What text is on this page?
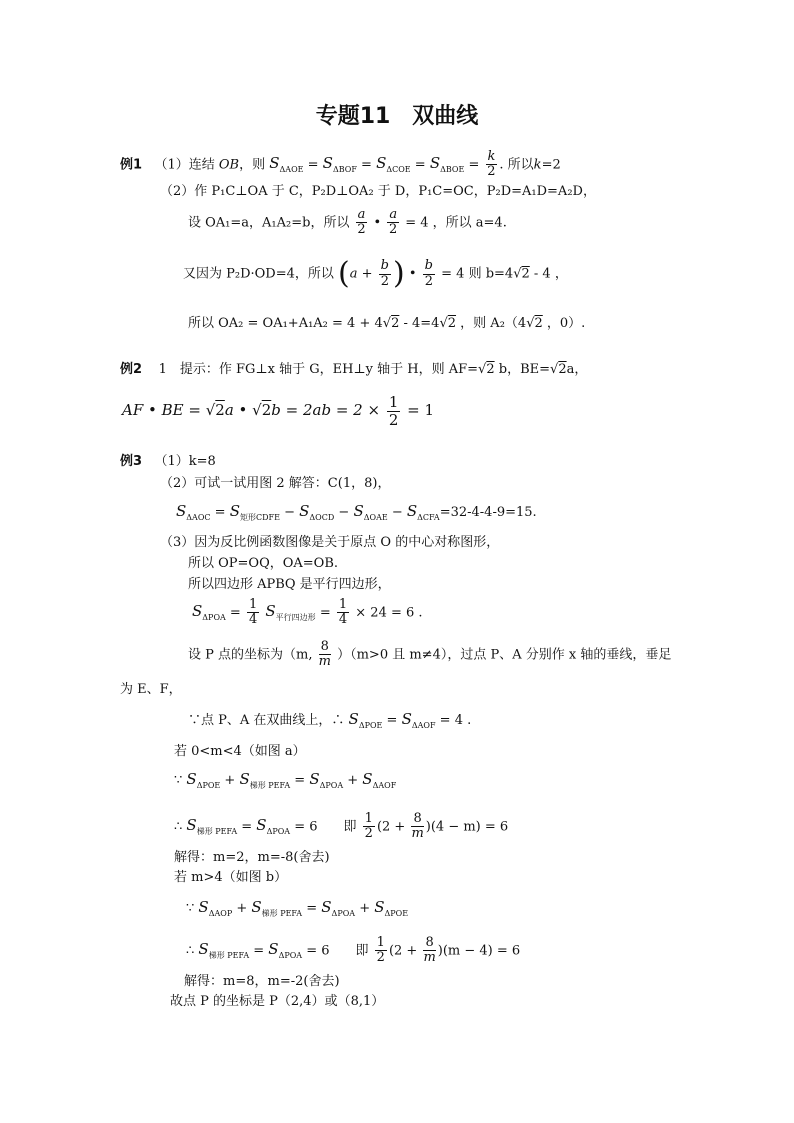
专题11　双曲线
例1 （1）连结 OB，则 $S_{\Delta AOE} = S_{\Delta BOF} = S_{\Delta COE} = S_{\Delta BOE} = \frac{k}{2}$ . 所以k=2
（2）作 P₁C⊥OA 于 C，P₂D⊥OA₂ 于 D，P₁C=OC，P₂D=A₁D=A₂D，
设 OA₁=a，A₁A₂=b，所以 $\frac{a}{2}$ • $\frac{a}{2} = 4$ ，所以 a=4.
又因为 P₂D·OD=4，所以 ($a + \frac{b}{2}$ ) • $\frac{b}{2} = 4$ 则 b=4√2 - 4 ，
所以 OA₂ = OA₁+A₁A₂ = 4 + 4√2 - 4=4√2 ，则 A₂（4√2 ，0）.
例2 1　提示：作 FG⊥x 轴于 G，EH⊥y 轴于 H，则 AF=√2 b，BE=√2a，
AF • BE = √2a • $√2b = 2ab = 2 \times \frac{1}{2} = 1$
例3 （1）k=8
（2）可试一试用图 2 解答：C(1，8)，
$S_{\Delta AOC} = S_{矩形CDFE} - S_{\Delta OCD} - S_{\Delta OAE} - S_{\Delta CFA}=32-4-4-9=15$.
（3）因为反比例函数图像是关于原点 O 的中心对称图形，
所以 OP=OQ，OA=OB.
所以四边形 APBQ 是平行四边形，
$S_{\Delta POA} = \frac{1}{4} S_{平行四边形} = \frac{1}{4} \times 24 = 6$ .
设 P 点的坐标为（m, $\frac{8}{m} )(m>0$ 且 m≠4），过点 P、A 分别作 x 轴的垂线，垂足
为 E、F，
∵点 P、A 在双曲线上，∴ $S_{\Delta POE} = S_{\Delta AOF} = 4$ .
若 0<m<4（如图 a）
∵ $S_{\Delta POE} + S_{梯形 PEFA} = S_{\Delta POA} + S_{\Delta AOF}$
∴ $S_{梯形 PEFA} = S_{\Delta POA} = 6$　　即 $\frac{1}{2} (2 + \frac{8}{m} )(4 - m) = 6$
解得：m=2，m=-8(舍去)
若 m>4（如图 b）
∵ $S_{\Delta AOP} + S_{梯形 PEFA} = S_{\Delta POA} + S_{\Delta POE}$
∴ $S_{梯形 PEFA} = S_{\Delta POA} = 6$　　即 $\frac{1}{2} (2 + \frac{8}{m} )(m - 4) = 6$
解得：m=8，m=-2(舍去)
故点 P 的坐标是 P（2,4）或（8,1）
